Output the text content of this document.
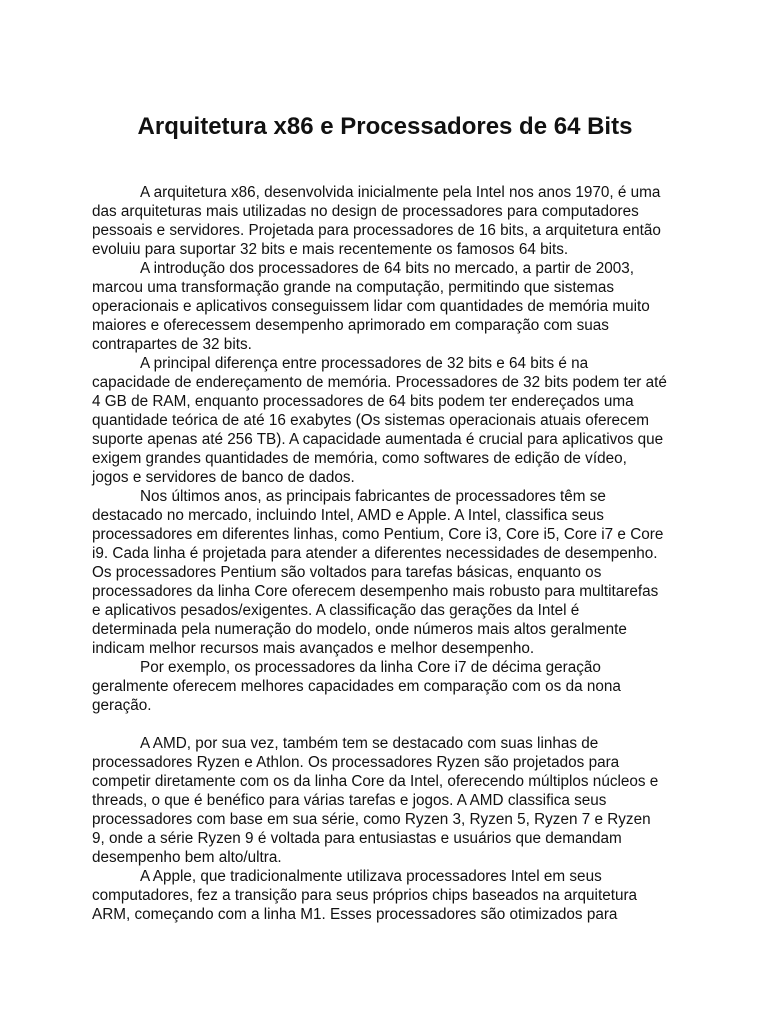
Arquitetura x86 e Processadores de 64 Bits

A arquitetura x86, desenvolvida inicialmente pela Intel nos anos 1970, é uma
das arquiteturas mais utilizadas no design de processadores para computadores
pessoais e servidores. Projetada para processadores de 16 bits, a arquitetura então
evoluiu para suportar 32 bits e mais recentemente os famosos 64 bits.

A introdução dos processadores de 64 bits no mercado, a partir de 2003,
marcou uma transformação grande na computação, permitindo que sistemas
operacionais e aplicativos conseguissem lidar com quantidades de memória muito
maiores e oferecessem desempenho aprimorado em comparação com suas
contrapartes de 32 bits.

A principal diferença entre processadores de 32 bits e 64 bits é na
capacidade de endereçamento de memória. Processadores de 32 bits podem ter até
4 GB de RAM, enquanto processadores de 64 bits podem ter endereçados uma
quantidade teórica de até 16 exabytes (Os sistemas operacionais atuais oferecem
suporte apenas até 256 TB). A capacidade aumentada é crucial para aplicativos que
exigem grandes quantidades de memória, como softwares de edição de vídeo,
jogos e servidores de banco de dados.

Nos últimos anos, as principais fabricantes de processadores têm se
destacado no mercado, incluindo Intel, AMD e Apple. A Intel, classifica seus
processadores em diferentes linhas, como Pentium, Core i3, Core i5, Core i7 e Core
i9. Cada linha é projetada para atender a diferentes necessidades de desempenho.
Os processadores Pentium são voltados para tarefas básicas, enquanto os
processadores da linha Core oferecem desempenho mais robusto para multitarefas
e aplicativos pesados/exigentes. A classificação das gerações da Intel é
determinada pela numeração do modelo, onde números mais altos geralmente
indicam melhor recursos mais avançados e melhor desempenho.

Por exemplo, os processadores da linha Core i7 de décima geração
geralmente oferecem melhores capacidades em comparação com os da nona
geração.

A AMD, por sua vez, também tem se destacado com suas linhas de
processadores Ryzen e Athlon. Os processadores Ryzen são projetados para
competir diretamente com os da linha Core da Intel, oferecendo múltiplos núcleos e
threads, o que é benéfico para várias tarefas e jogos. A AMD classifica seus
processadores com base em sua série, como Ryzen 3, Ryzen 5, Ryzen 7 e Ryzen
9, onde a série Ryzen 9 é voltada para entusiastas e usuários que demandam
desempenho bem alto/ultra.

A Apple, que tradicionalmente utilizava processadores Intel em seus
computadores, fez a transição para seus próprios chips baseados na arquitetura
ARM, começando com a linha M1. Esses processadores são otimizados para
